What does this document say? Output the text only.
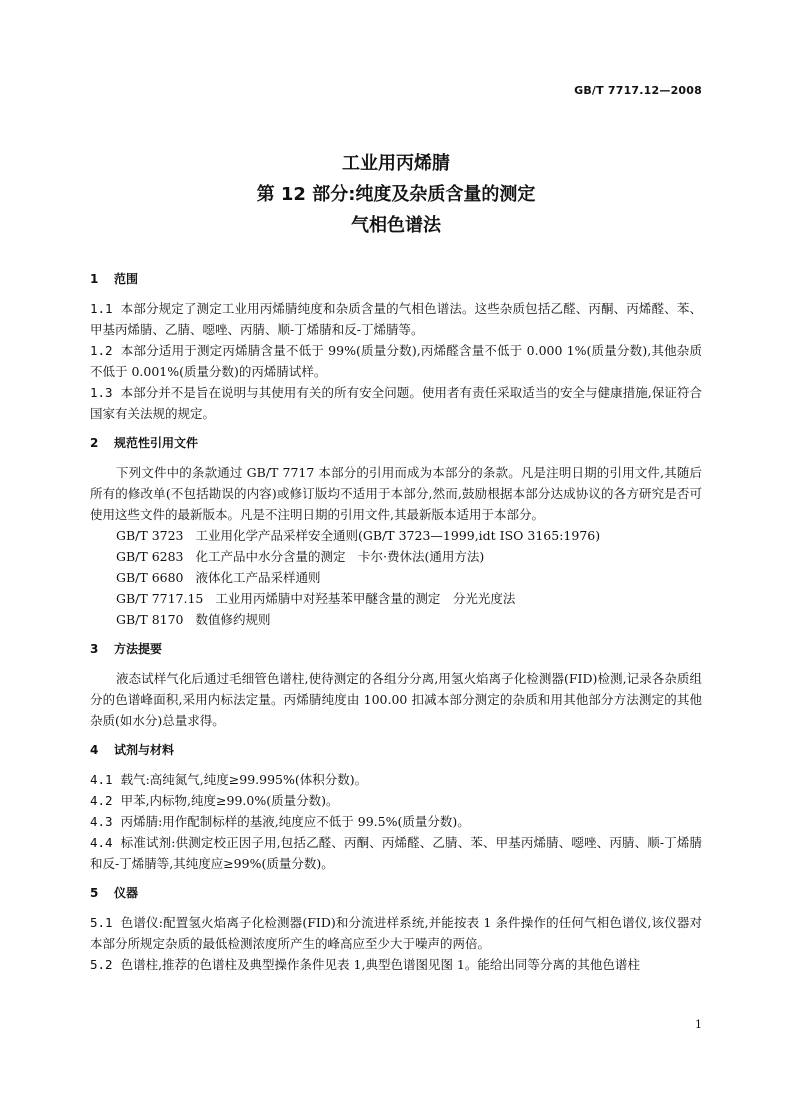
GB/T 7717.12—2008
工业用丙烯腈
第 12 部分:纯度及杂质含量的测定
气相色谱法
1 范围

1.1 本部分规定了测定工业用丙烯腈纯度和杂质含量的气相色谱法。这些杂质包括乙醛、丙酮、丙烯醛、苯、甲基丙烯腈、乙腈、噁唑、丙腈、顺-丁烯腈和反-丁烯腈等。

1.2 本部分适用于测定丙烯腈含量不低于 99%(质量分数),丙烯醛含量不低于 0.000 1%(质量分数),其他杂质不低于 0.001%(质量分数)的丙烯腈试样。

1.3 本部分并不是旨在说明与其使用有关的所有安全问题。使用者有责任采取适当的安全与健康措施,保证符合国家有关法规的规定。

2 规范性引用文件

下列文件中的条款通过 GB/T 7717 本部分的引用而成为本部分的条款。凡是注明日期的引用文件,其随后所有的修改单(不包括勘误的内容)或修订版均不适用于本部分,然而,鼓励根据本部分达成协议的各方研究是否可使用这些文件的最新版本。凡是不注明日期的引用文件,其最新版本适用于本部分。

GB/T 3723 工业用化学产品采样安全通则(GB/T 3723—1999,idt ISO 3165:1976)

GB/T 6283 化工产品中水分含量的测定　卡尔·费休法(通用方法)

GB/T 6680 液体化工产品采样通则

GB/T 7717.15 工业用丙烯腈中对羟基苯甲醚含量的测定　分光光度法

GB/T 8170 数值修约规则

3 方法提要

液态试样气化后通过毛细管色谱柱,使待测定的各组分分离,用氢火焰离子化检测器(FID)检测,记录各杂质组分的色谱峰面积,采用内标法定量。丙烯腈纯度由 100.00 扣减本部分测定的杂质和用其他部分方法测定的其他杂质(如水分)总量求得。

4 试剂与材料

4.1 载气:高纯氮气,纯度≥99.995%(体积分数)。

4.2 甲苯,内标物,纯度≥99.0%(质量分数)。

4.3 丙烯腈:用作配制标样的基液,纯度应不低于 99.5%(质量分数)。

4.4 标准试剂:供测定校正因子用,包括乙醛、丙酮、丙烯醛、乙腈、苯、甲基丙烯腈、噁唑、丙腈、顺-丁烯腈和反-丁烯腈等,其纯度应≥99%(质量分数)。

5 仪器

5.1 色谱仪:配置氢火焰离子化检测器(FID)和分流进样系统,并能按表 1 条件操作的任何气相色谱仪,该仪器对本部分所规定杂质的最低检测浓度所产生的峰高应至少大于噪声的两倍。

5.2 色谱柱,推荐的色谱柱及典型操作条件见表 1,典型色谱图见图 1。能给出同等分离的其他色谱柱

1
